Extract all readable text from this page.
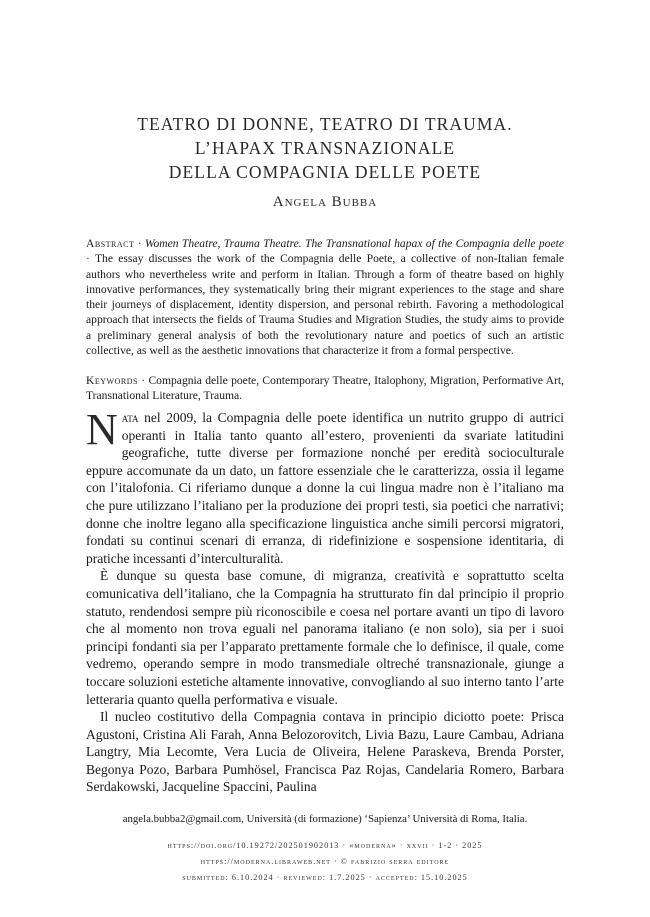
TEATRO DI DONNE, TEATRO DI TRAUMA.
L’HAPAX TRANSNAZIONALE
DELLA COMPAGNIA DELLE POETE
Angela Bubba

Abstract · Women Theatre, Trauma Theatre. The Transnational hapax of the Compagnia delle poete · The essay discusses the work of the Compagnia delle Poete, a collective of non-Italian female authors who nevertheless write and perform in Italian. Through a form of theatre based on highly innovative performances, they systematically bring their migrant experiences to the stage and share their journeys of displacement, identity dispersion, and personal rebirth. Favoring a methodological approach that intersects the fields of Trauma Studies and Migration Studies, the study aims to provide a preliminary general analysis of both the revolutionary nature and poetics of such an artistic collective, as well as the aesthetic innovations that characterize it from a formal perspective.

Keywords · Compagnia delle poete, Contemporary Theatre, Italophony, Migration, Performative Art, Transnational Literature, Trauma.

Nata nel 2009, la Compagnia delle poete identifica un nutrito gruppo di autrici operanti in Italia tanto quanto all’estero, provenienti da svariate latitudini geografiche, tutte diverse per formazione nonché per eredità socioculturale eppure accomunate da un dato, un fattore essenziale che le caratterizza, ossia il legame con l’italofonia. Ci riferiamo dunque a donne la cui lingua madre non è l’italiano ma che pure utilizzano l’italiano per la produzione dei propri testi, sia poetici che narrativi; donne che inoltre legano alla specificazione linguistica anche simili percorsi migratori, fondati su continui scenari di erranza, di ridefinizione e sospensione identitaria, di pratiche incessanti d’interculturalità.

È dunque su questa base comune, di migranza, creatività e soprattutto scelta comunicativa dell’italiano, che la Compagnia ha strutturato fin dal principio il proprio statuto, rendendosi sempre più riconoscibile e coesa nel portare avanti un tipo di lavoro che al momento non trova eguali nel panorama italiano (e non solo), sia per i suoi principi fondanti sia per l’apparato prettamente formale che lo definisce, il quale, come vedremo, operando sempre in modo transmediale oltreché transnazionale, giunge a toccare soluzioni estetiche altamente innovative, convogliando al suo interno tanto l’arte letteraria quanto quella performativa e visuale.

Il nucleo costitutivo della Compagnia contava in principio diciotto poete: Prisca Agustoni, Cristina Ali Farah, Anna Belozorovitch, Livia Bazu, Laure Cambau, Adriana Langtry, Mia Lecomte, Vera Lucia de Oliveira, Helene Paraskeva, Brenda Porster, Begonya Pozo, Barbara Pumhösel, Francisca Paz Rojas, Candelaria Romero, Barbara Serdakowski, Jacqueline Spaccini, Paulina

angela.bubba2@gmail.com, Università (di formazione) ‘Sapienza’ Università di Roma, Italia.

https://doi.org/10.19272/202501902013 · «moderna» · xxvii · 1-2 · 2025
https://moderna.libraweb.net · © fabrizio serra editore
submitted: 6.10.2024 · reviewed: 1.7.2025 · accepted: 15.10.2025
